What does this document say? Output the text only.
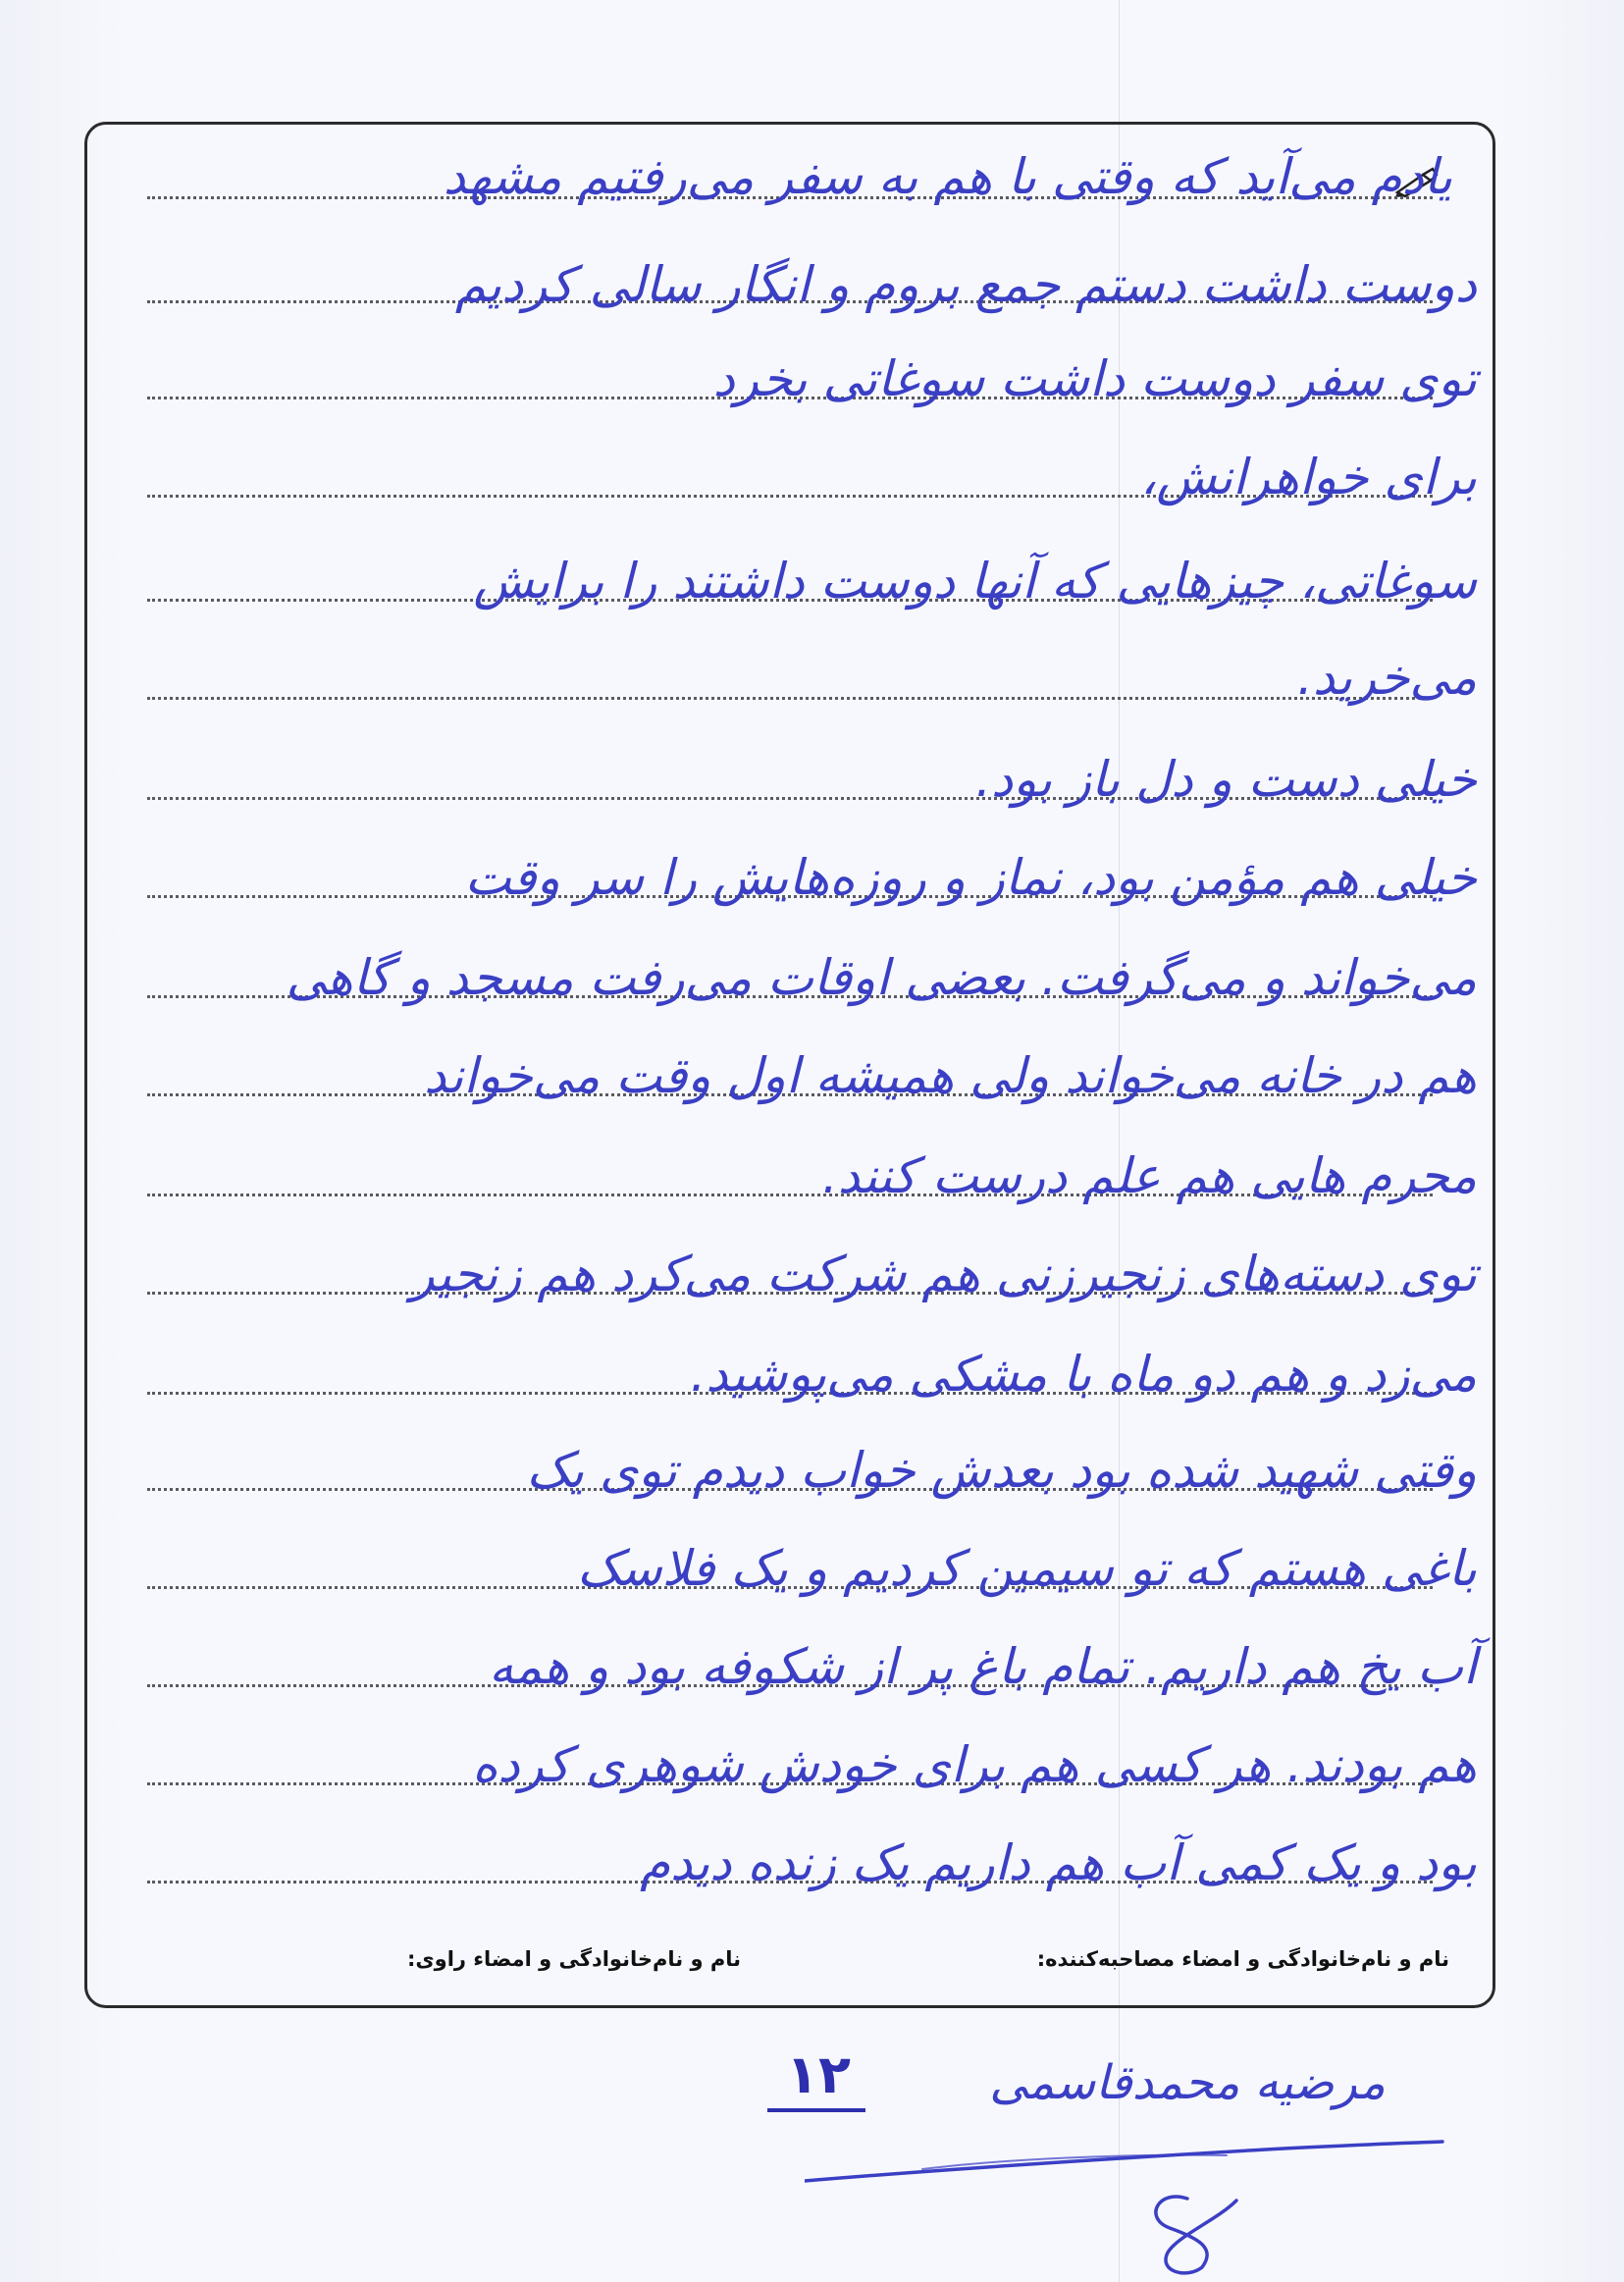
یادم می‌آید که وقتی با هم به سفر می‌رفتیم مشهد
دوست داشت دستم جمع بروم و انگار سالی کردیم
توی سفر دوست داشت سوغاتی بخرد
برای خواهرانش،
سوغاتی، چیزهایی که آنها دوست داشتند را برایش
می‌خرید.
خیلی دست و دل باز بود.
خیلی هم مؤمن بود، نماز و روزه‌هایش را سر وقت
می‌خواند و می‌گرفت. بعضی اوقات می‌رفت مسجد و گاهی
هم در خانه می‌خواند ولی همیشه اول وقت می‌خواند
محرم هایی هم علم درست کنند.
توی دسته‌های زنجیرزنی هم شرکت می‌کرد هم زنجیر
می‌زد و هم دو ماه با مشکی می‌پوشید.
وقتی شهید شده بود بعدش خواب دیدم توی یک
باغی هستم که تو سیمین کردیم و یک فلاسک
آب یخ هم داریم. تمام باغ پر از شکوفه بود و همه
هم بودند. هر کسی هم برای خودش شوهری کرده
بود و یک کمی آب هم داریم یک زنده دیدم
نام و نام‌خانوادگی و امضاء مصاحبه‌کننده:
نام و نام‌خانوادگی و امضاء راوی:
۱۲	مرضیه محمدقاسمی
